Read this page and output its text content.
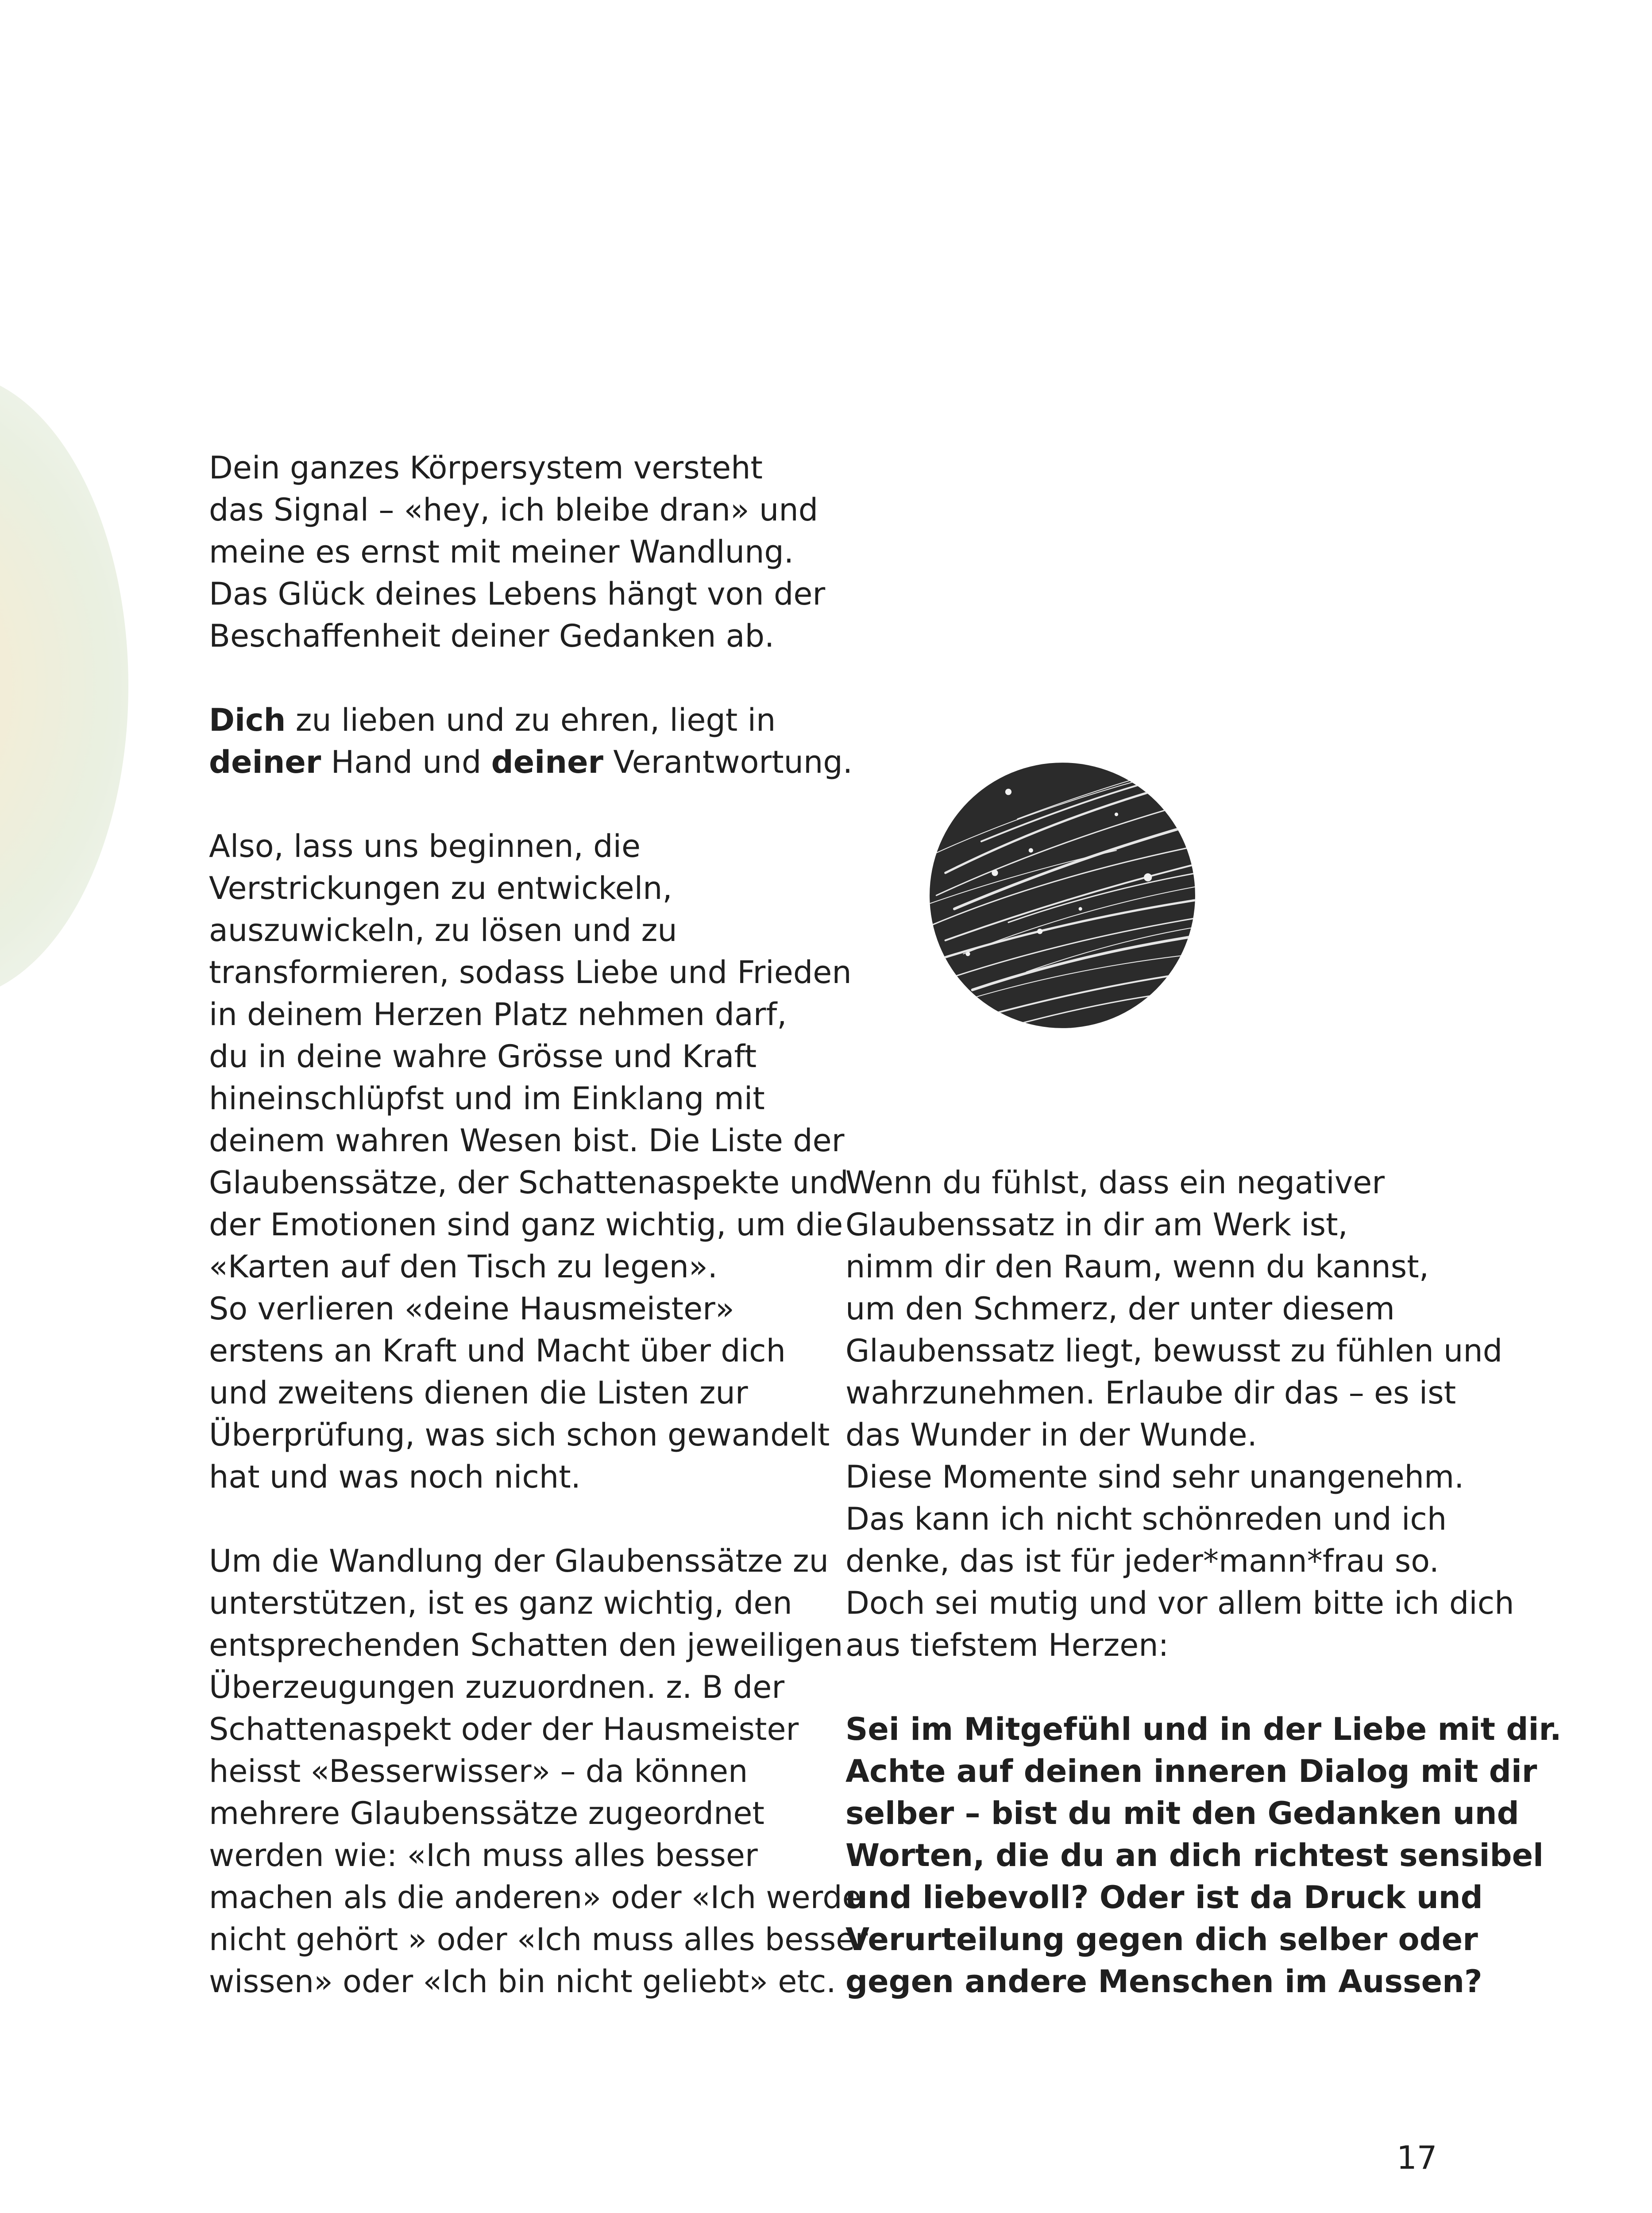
Dein ganzes Körpersystem versteht
das Signal – «hey, ich bleibe dran» und
meine es ernst mit meiner Wandlung.
Das Glück deines Lebens hängt von der
Beschaffenheit deiner Gedanken ab.
Dich zu lieben und zu ehren, liegt in
deiner Hand und deiner Verantwortung.
Also, lass uns beginnen, die
Verstrickungen zu entwickeln,
auszuwickeln, zu lösen und zu
transformieren, sodass Liebe und Frieden
in deinem Herzen Platz nehmen darf,
du in deine wahre Grösse und Kraft
hineinschlüpfst und im Einklang mit
deinem wahren Wesen bist. Die Liste der
Glaubenssätze, der Schattenaspekte und
der Emotionen sind ganz wichtig, um die
«Karten auf den Tisch zu legen».
So verlieren «deine Hausmeister»
erstens an Kraft und Macht über dich
und zweitens dienen die Listen zur
Überprüfung, was sich schon gewandelt
hat und was noch nicht.
Um die Wandlung der Glaubenssätze zu
unterstützen, ist es ganz wichtig, den
entsprechenden Schatten den jeweiligen
Überzeugungen zuzuordnen. z. B der
Schattenaspekt oder der Hausmeister
heisst «Besserwisser» – da können
mehrere Glaubenssätze zugeordnet
werden wie: «Ich muss alles besser
machen als die anderen» oder «Ich werde
nicht gehört » oder «Ich muss alles besser
wissen» oder «Ich bin nicht geliebt» etc.
Wenn du fühlst, dass ein negativer
Glaubenssatz in dir am Werk ist,
nimm dir den Raum, wenn du kannst,
um den Schmerz, der unter diesem
Glaubenssatz liegt, bewusst zu fühlen und
wahrzunehmen. Erlaube dir das – es ist
das Wunder in der Wunde.
Diese Momente sind sehr unangenehm.
Das kann ich nicht schönreden und ich
denke, das ist für jeder*mann*frau so.
Doch sei mutig und vor allem bitte ich dich
aus tiefstem Herzen:
Sei im Mitgefühl und in der Liebe mit dir.
Achte auf deinen inneren Dialog mit dir
selber – bist du mit den Gedanken und
Worten, die du an dich richtest sensibel
und liebevoll? Oder ist da Druck und
Verurteilung gegen dich selber oder
gegen andere Menschen im Aussen?
17
